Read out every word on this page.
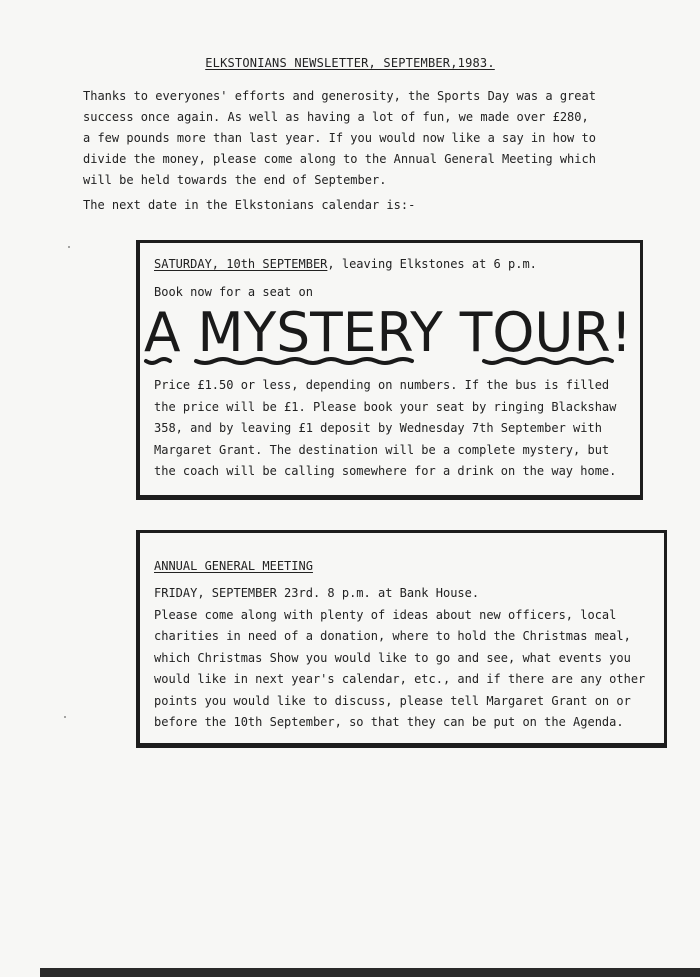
ELKSTONIANS NEWSLETTER, SEPTEMBER,1983.

Thanks to everyones' efforts and generosity, the Sports Day was a great

success once again. As well as having a lot of fun, we made over £280,

a few pounds more than last year. If you would now like a say in how to

divide the money, please come along to the Annual General Meeting which

will be held towards the end of September.

The next date in the Elkstonians calendar is:-
SATURDAY, 10th SEPTEMBER, leaving Elkstones at 6 p.m.
Book now for a seat on
A MYSTERY TOUR!
Price £1.50 or less, depending on numbers. If the bus is filled
the price will be £1. Please book your seat by ringing Blackshaw
358, and by leaving £1 deposit by Wednesday 7th September with
Margaret Grant. The destination will be a complete mystery, but
the coach will be calling somewhere for a drink on the way home.
ANNUAL GENERAL MEETING
FRIDAY, SEPTEMBER 23rd. 8 p.m. at Bank House.
Please come along with plenty of ideas about new officers, local
charities in need of a donation, where to hold the Christmas meal,
which Christmas Show you would like to go and see, what events you
would like in next year's calendar, etc., and if there are any other
points you would like to discuss, please tell Margaret Grant on or
before the 10th September, so that they can be put on the Agenda.
